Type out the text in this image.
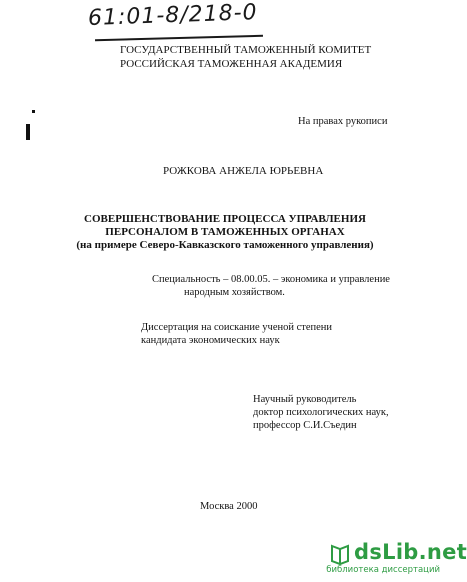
61:01-8/218-0
ГОСУДАРСТВЕННЫЙ ТАМОЖЕННЫЙ КОМИТЕТ
РОССИЙСКАЯ ТАМОЖЕННАЯ АКАДЕМИЯ
На правах рукописи
РОЖКОВА АНЖЕЛА ЮРЬЕВНА
СОВЕРШЕНСТВОВАНИЕ ПРОЦЕССА УПРАВЛЕНИЯ
ПЕРСОНАЛОМ В ТАМОЖЕННЫХ ОРГАНАХ
(на примере Северо-Кавказского таможенного управления)
Специальность – 08.00.05. – экономика и управление
народным хозяйством.
Диссертация на соискание ученой степени
кандидата экономических наук
Научный руководитель
доктор психологических наук,
профессор С.И.Съедин
Москва 2000
dsLib.net
библиотека диссертаций
